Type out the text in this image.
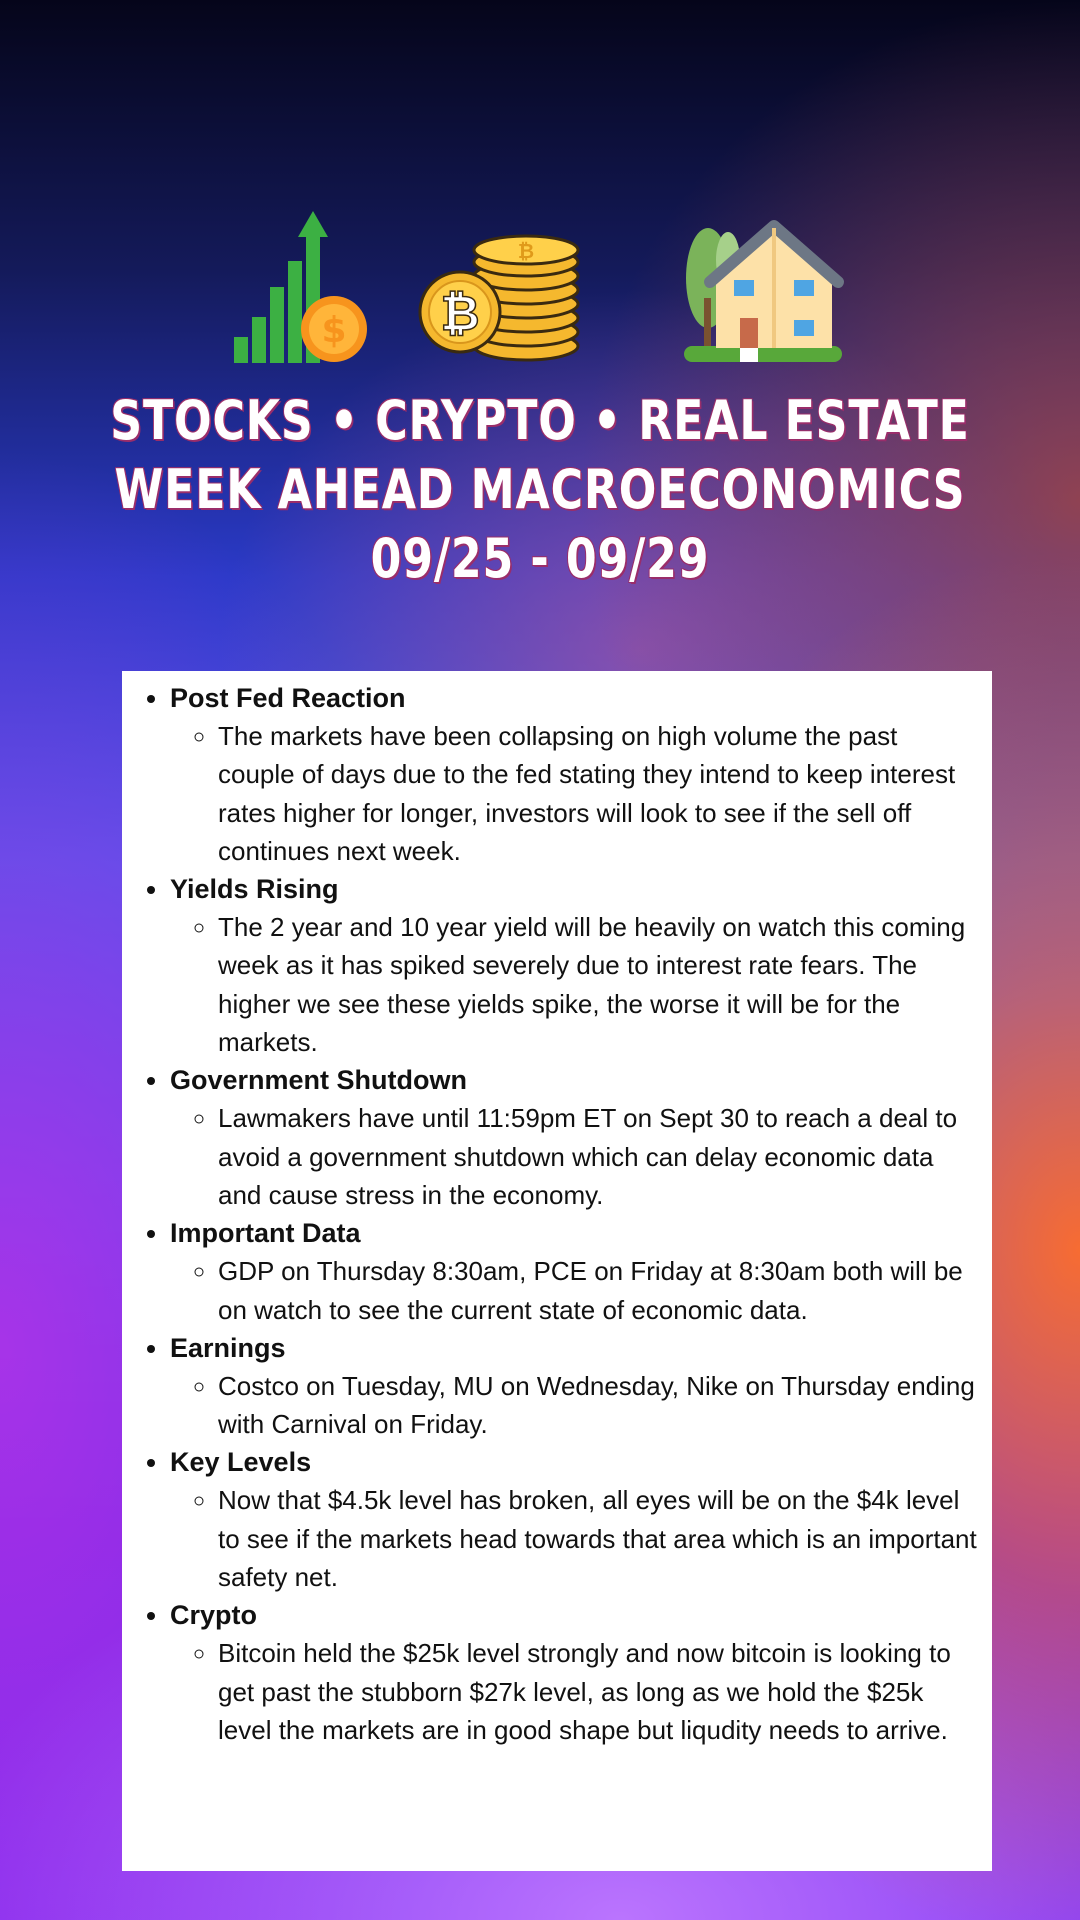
$
₿
₿
STOCKS • CRYPTO • REAL ESTATE
WEEK AHEAD MACROECONOMICS
09/25 - 09/29
• Post Fed Reaction
◦ The markets have been collapsing on high volume the past couple of days due to the fed stating they intend to keep interest rates higher for longer, investors will look to see if the sell off continues next week.
• Yields Rising
◦ The 2 year and 10 year yield will be heavily on watch this coming week as it has spiked severely due to interest rate fears. The higher we see these yields spike, the worse it will be for the markets.
• Government Shutdown
◦ Lawmakers have until 11:59pm ET on Sept 30 to reach a deal to avoid a government shutdown which can delay economic data and cause stress in the economy.
• Important Data
◦ GDP on Thursday 8:30am, PCE on Friday at 8:30am both will be on watch to see the current state of economic data.
• Earnings
◦ Costco on Tuesday, MU on Wednesday, Nike on Thursday ending with Carnival on Friday.
• Key Levels
◦ Now that $4.5k level has broken, all eyes will be on the $4k level to see if the markets head towards that area which is an important safety net.
• Crypto
◦ Bitcoin held the $25k level strongly and now bitcoin is looking to get past the stubborn $27k level, as long as we hold the $25k level the markets are in good shape but liqudity needs to arrive.
